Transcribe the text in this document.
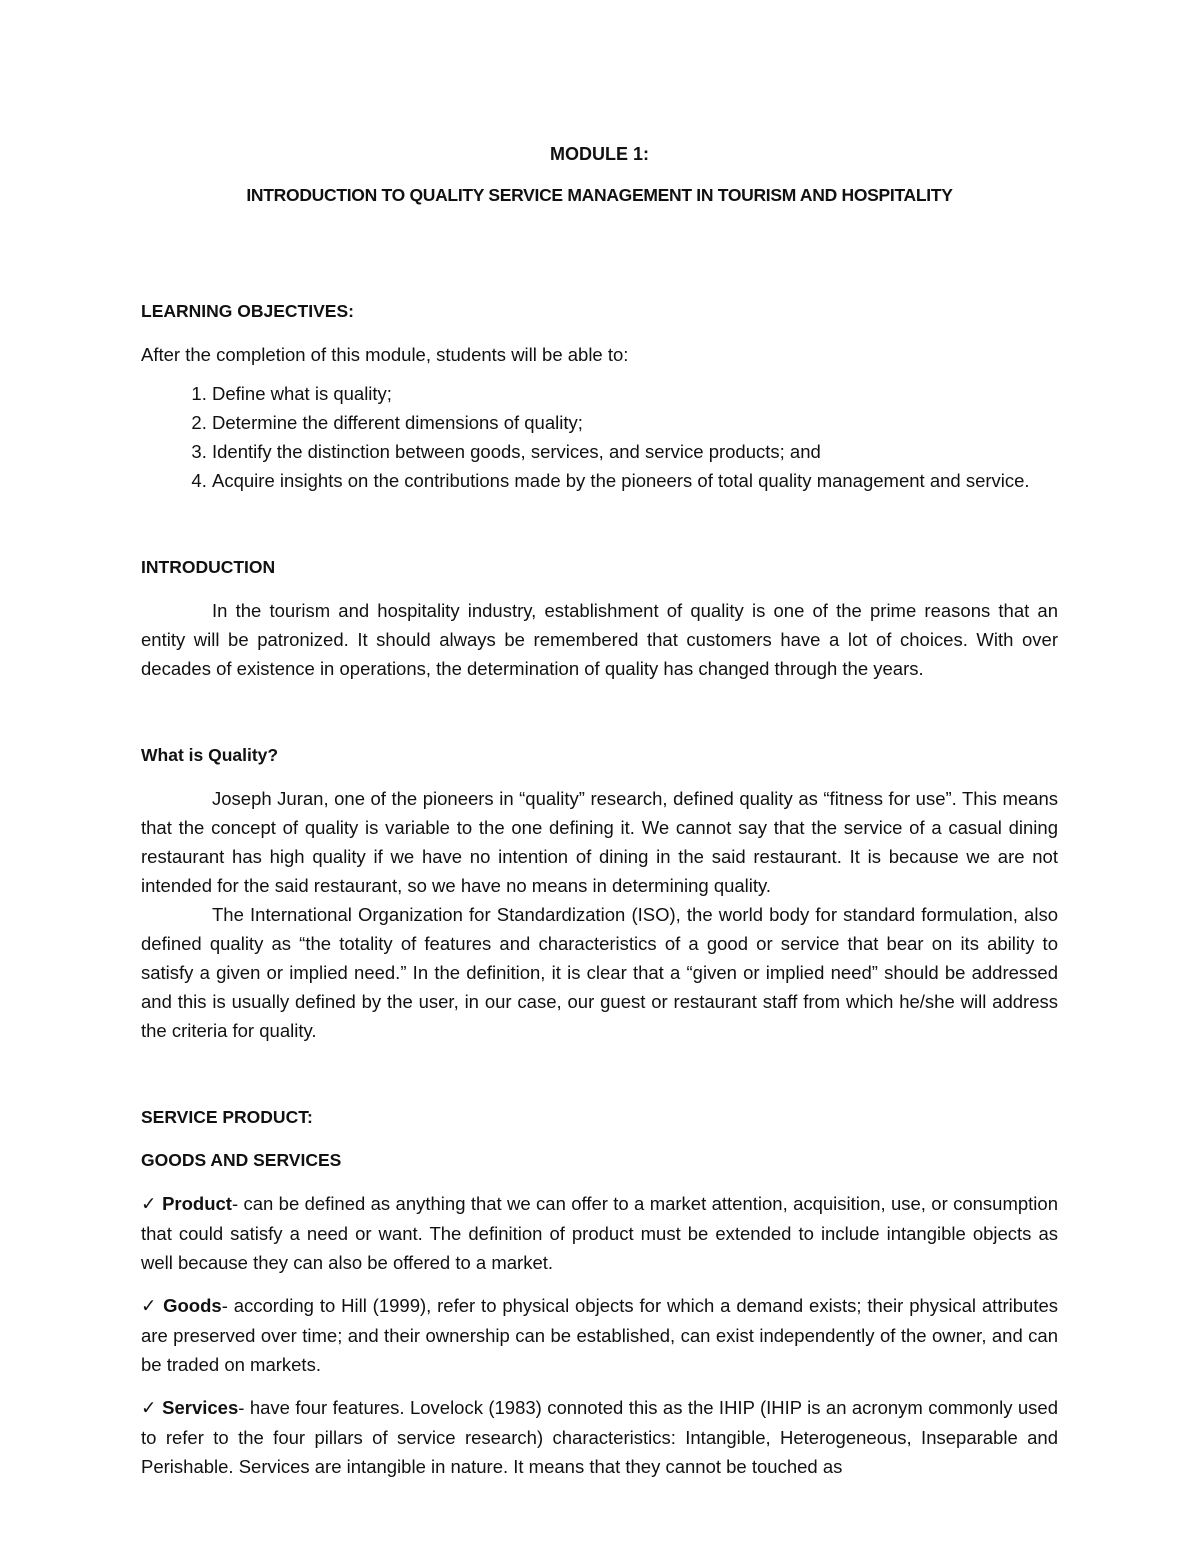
MODULE 1:

INTRODUCTION TO QUALITY SERVICE MANAGEMENT IN TOURISM AND HOSPITALITY

LEARNING OBJECTIVES:

After the completion of this module, students will be able to:

1. Define what is quality;
2. Determine the different dimensions of quality;
3. Identify the distinction between goods, services, and service products; and
4. Acquire insights on the contributions made by the pioneers of total quality management and service.

INTRODUCTION

In the tourism and hospitality industry, establishment of quality is one of the prime reasons that an entity will be patronized. It should always be remembered that customers have a lot of choices. With over decades of existence in operations, the determination of quality has changed through the years.

What is Quality?

Joseph Juran, one of the pioneers in “quality” research, defined quality as “fitness for use”. This means that the concept of quality is variable to the one defining it. We cannot say that the service of a casual dining restaurant has high quality if we have no intention of dining in the said restaurant. It is because we are not intended for the said restaurant, so we have no means in determining quality.

The International Organization for Standardization (ISO), the world body for standard formulation, also defined quality as “the totality of features and characteristics of a good or service that bear on its ability to satisfy a given or implied need.” In the definition, it is clear that a “given or implied need” should be addressed and this is usually defined by the user, in our case, our guest or restaurant staff from which he/she will address the criteria for quality.

SERVICE PRODUCT:

GOODS AND SERVICES

✓ Product- can be defined as anything that we can offer to a market attention, acquisition, use, or consumption that could satisfy a need or want. The definition of product must be extended to include intangible objects as well because they can also be offered to a market.

✓ Goods- according to Hill (1999), refer to physical objects for which a demand exists; their physical attributes are preserved over time; and their ownership can be established, can exist independently of the owner, and can be traded on markets.

✓ Services- have four features. Lovelock (1983) connoted this as the IHIP (IHIP is an acronym commonly used to refer to the four pillars of service research) characteristics: Intangible, Heterogeneous, Inseparable and Perishable. Services are intangible in nature. It means that they cannot be touched as
